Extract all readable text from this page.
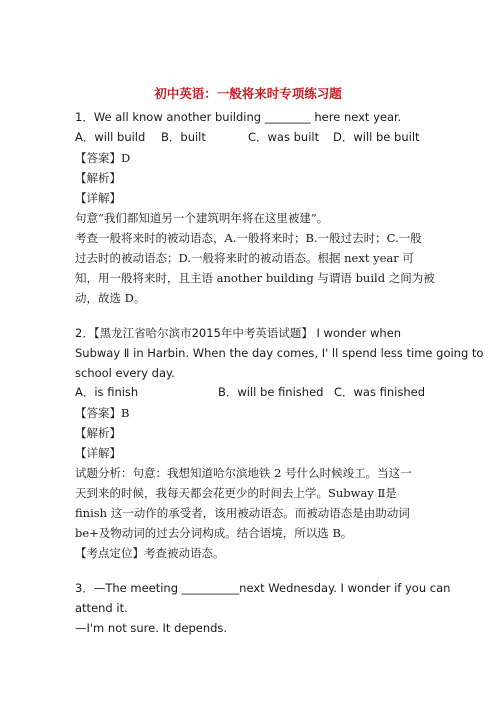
初中英语：一般将来时专项练习题
1．We all know another building ________ here next year.
A．will build B．built	C．was built D．will be built
【答案】D
【解析】
【详解】
句意“我们都知道另一个建筑明年将在这里被建”。
考查一般将来时的被动语态，A.一般将来时；B.一般过去时；C.一般
过去时的被动语态；D.一般将来时的被动语态。根据 next year 可
知，用一般将来时，且主语 another building 与谓语 build 之间为被
动，故选 D。
2．【黑龙江省哈尔滨市2015年中考英语试题】 I wonder when
Subway Ⅱ in Harbin. When the day comes, I' ll spend less time going to
school every day.
A．is finish	B．will be finished C．was finished
【答案】B
【解析】
【详解】
试题分析：句意：我想知道哈尔滨地铁 2 号什么时候竣工。当这一
天到来的时候，我每天都会花更少的时间去上学。Subway Ⅱ是
finish 这一动作的承受者，该用被动语态。而被动语态是由助动词
be+及物动词的过去分词构成。结合语境，所以选 B。
【考点定位】考查被动语态。
3．—The meeting __________next Wednesday. I wonder if you can
attend it.
—I'm not sure. It depends.
